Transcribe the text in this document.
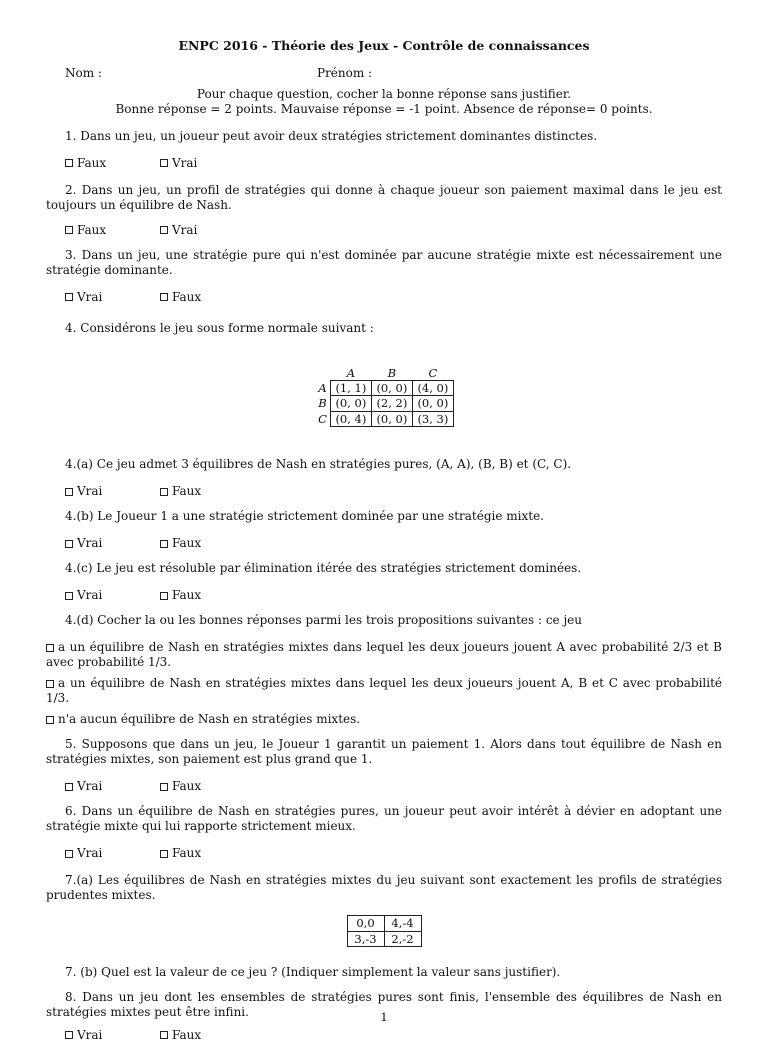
ENPC 2016 - Théorie des Jeux - Contrôle de connaissances

Nom :	Prénom :

Pour chaque question, cocher la bonne réponse sans justifier.

Bonne réponse = 2 points. Mauvaise réponse = -1 point. Absence de réponse= 0 points.

1. Dans un jeu, un joueur peut avoir deux stratégies strictement dominantes distinctes.

Faux	Vrai

2. Dans un jeu, un profil de stratégies qui donne à chaque joueur son paiement maximal dans le jeu est toujours un équilibre de Nash.

Faux	Vrai

3. Dans un jeu, une stratégie pure qui n'est dominée par aucune stratégie mixte est nécessairement une stratégie dominante.

Vrai	Faux

4. Considérons le jeu sous forme normale suivant :

	A	B	C
A	(1, 1)	(0, 0)	(4, 0)
B	(0, 0)	(2, 2)	(0, 0)
C	(0, 4)	(0, 0)	(3, 3)

4.(a) Ce jeu admet 3 équilibres de Nash en stratégies pures, (A, A), (B, B) et (C, C).

Vrai	Faux

4.(b) Le Joueur 1 a une stratégie strictement dominée par une stratégie mixte.

Vrai	Faux

4.(c) Le jeu est résoluble par élimination itérée des stratégies strictement dominées.

Vrai	Faux

4.(d) Cocher la ou les bonnes réponses parmi les trois propositions suivantes : ce jeu

a un équilibre de Nash en stratégies mixtes dans lequel les deux joueurs jouent A avec probabilité 2/3 et B avec probabilité 1/3.

a un équilibre de Nash en stratégies mixtes dans lequel les deux joueurs jouent A, B et C avec probabilité 1/3.

n'a aucun équilibre de Nash en stratégies mixtes.

5. Supposons que dans un jeu, le Joueur 1 garantit un paiement 1. Alors dans tout équilibre de Nash en stratégies mixtes, son paiement est plus grand que 1.

Vrai	Faux

6. Dans un équilibre de Nash en stratégies pures, un joueur peut avoir intérêt à dévier en adoptant une stratégie mixte qui lui rapporte strictement mieux.

Vrai	Faux

7.(a) Les équilibres de Nash en stratégies mixtes du jeu suivant sont exactement les profils de stratégies prudentes mixtes.

0,0	4,-4
3,-3	2,-2

7. (b) Quel est la valeur de ce jeu ? (Indiquer simplement la valeur sans justifier).

8. Dans un jeu dont les ensembles de stratégies pures sont finis, l'ensemble des équilibres de Nash en stratégies mixtes peut être infini.

Vrai	Faux
1
